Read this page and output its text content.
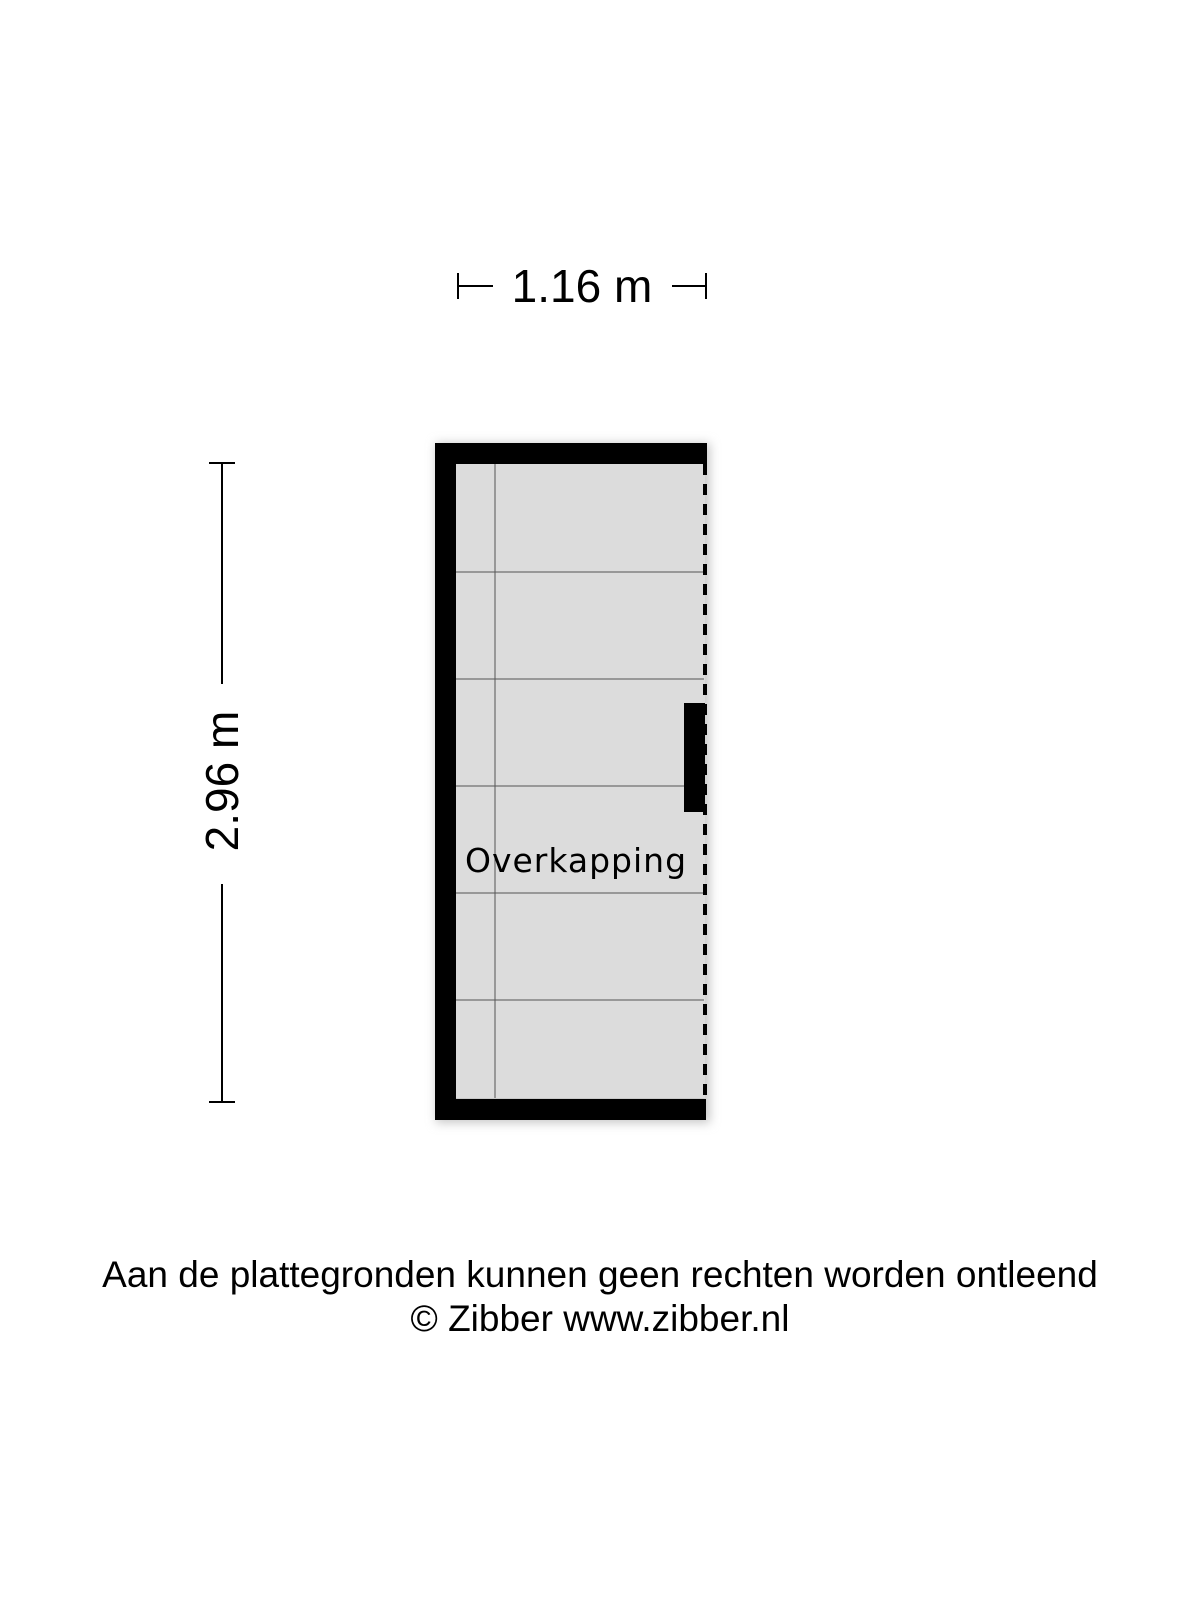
1.16 m
2.96 m
Overkapping
Aan de plattegronden kunnen geen rechten worden ontleend
© Zibber www.zibber.nl
